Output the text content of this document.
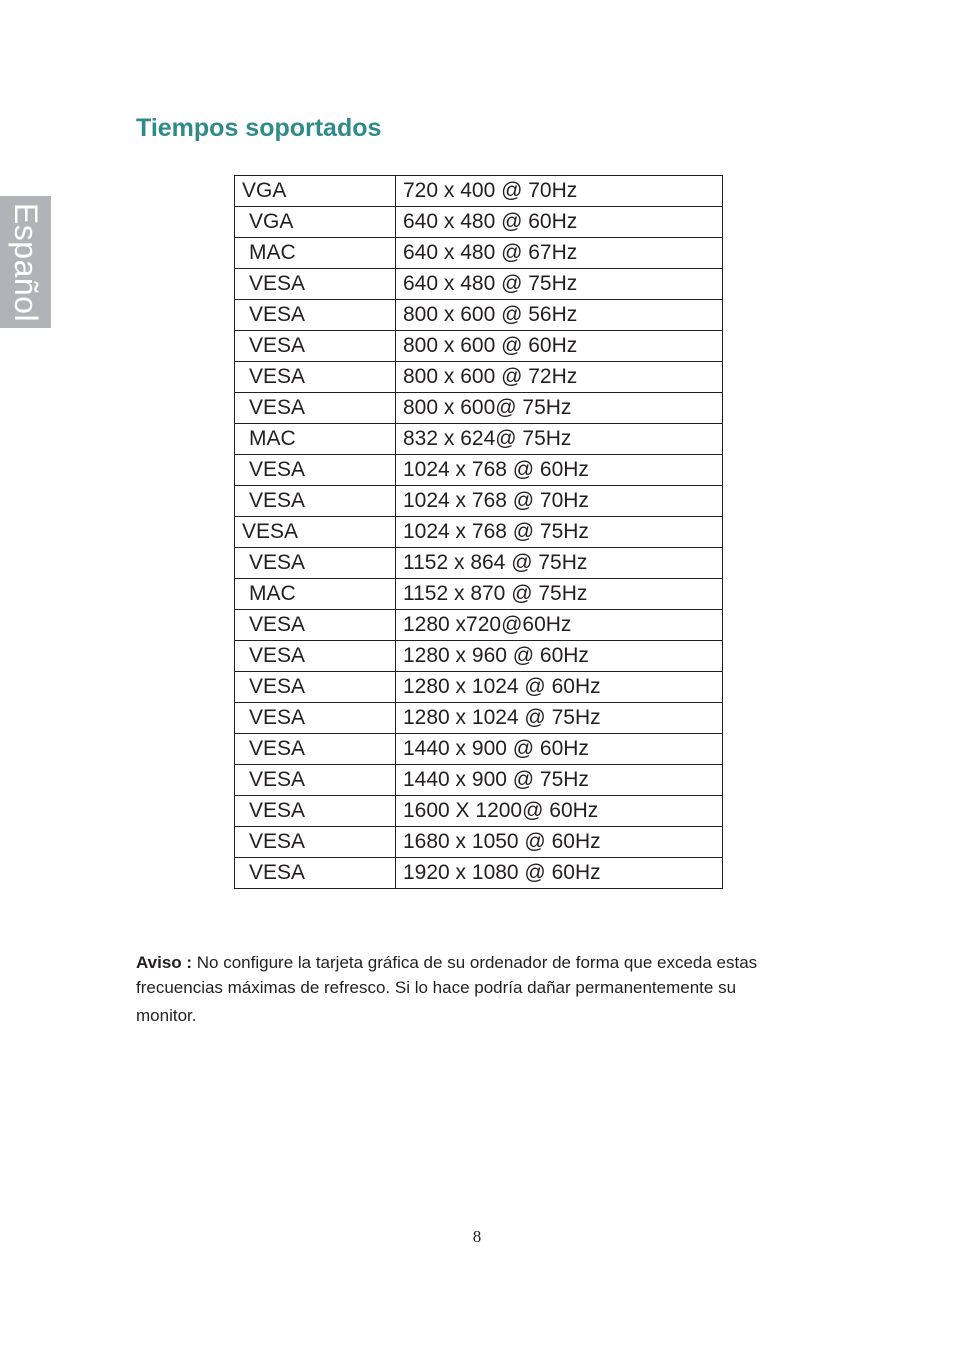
Español
Tiempos soportados
VGA	720 x 400 @ 70Hz
VGA	640 x 480 @ 60Hz
MAC	640 x 480 @ 67Hz
VESA	640 x 480 @ 75Hz
VESA	800 x 600 @ 56Hz
VESA	800 x 600 @ 60Hz
VESA	800 x 600 @ 72Hz
VESA	800 x 600@ 75Hz
MAC	832 x 624@ 75Hz
VESA	1024 x 768 @ 60Hz
VESA	1024 x 768 @ 70Hz
VESA	1024 x 768 @ 75Hz
VESA	1152 x 864 @ 75Hz
MAC	1152 x 870 @ 75Hz
VESA	1280 x720@60Hz
VESA	1280 x 960 @ 60Hz
VESA	1280 x 1024 @ 60Hz
VESA	1280 x 1024 @ 75Hz
VESA	1440 x 900 @ 60Hz
VESA	1440 x 900 @ 75Hz
VESA	1600 X 1200@ 60Hz
VESA	1680 x 1050 @ 60Hz
VESA	1920 x 1080 @ 60Hz

Aviso : No configure la tarjeta gráfica de su ordenador de forma que exceda estas
frecuencias máximas de refresco. Si lo hace podría dañar permanentemente su
monitor.

8
